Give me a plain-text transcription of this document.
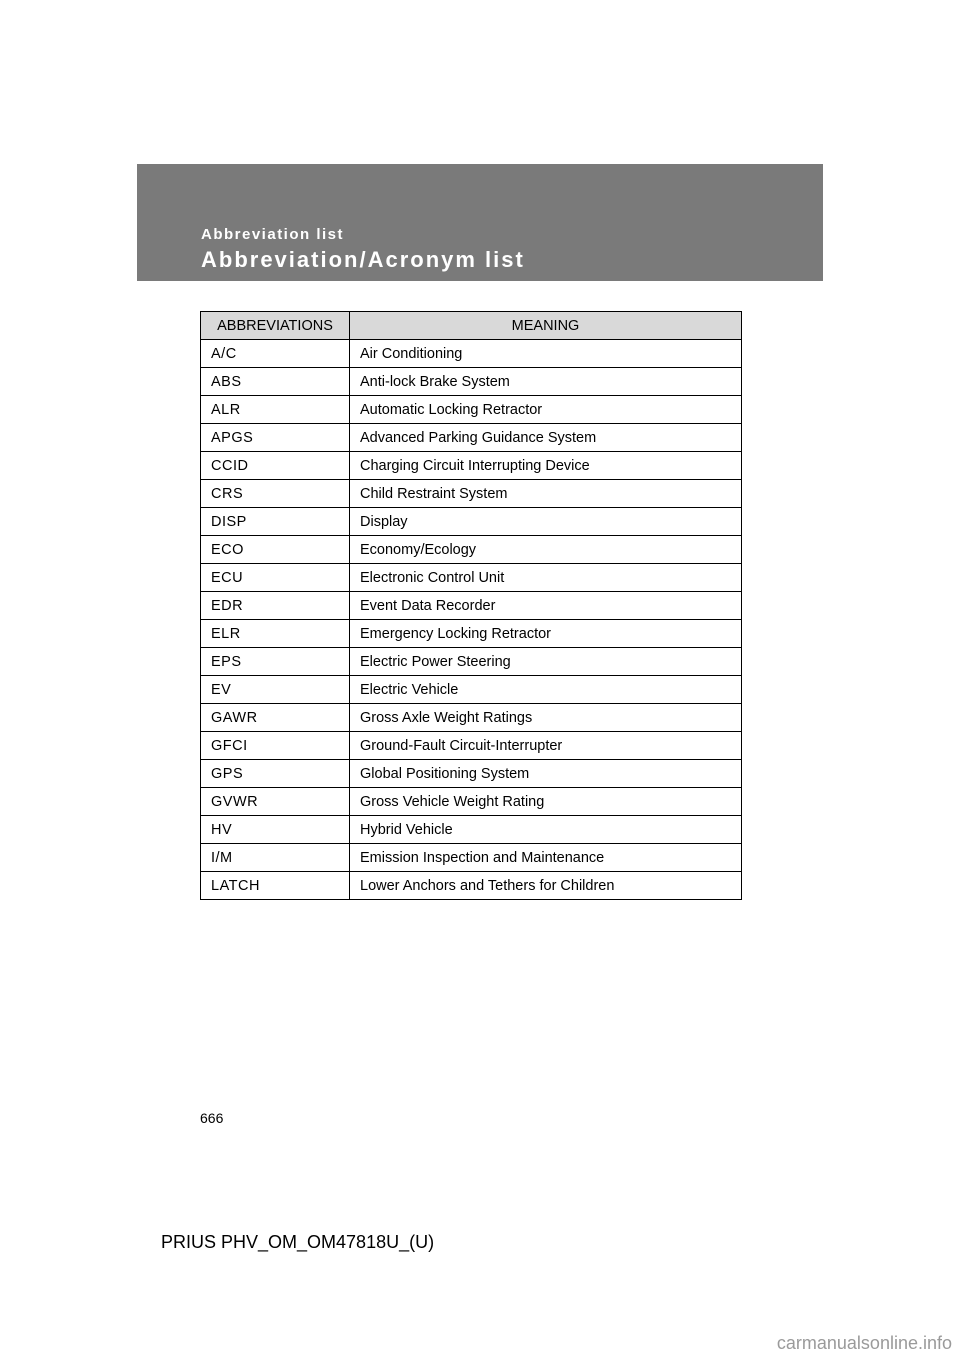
Abbreviation list
Abbreviation/Acronym list
ABBREVIATIONS	MEANING
A/C	Air Conditioning
ABS	Anti-lock Brake System
ALR	Automatic Locking Retractor
APGS	Advanced Parking Guidance System
CCID	Charging Circuit Interrupting Device
CRS	Child Restraint System
DISP	Display
ECO	Economy/Ecology
ECU	Electronic Control Unit
EDR	Event Data Recorder
ELR	Emergency Locking Retractor
EPS	Electric Power Steering
EV	Electric Vehicle
GAWR	Gross Axle Weight Ratings
GFCI	Ground-Fault Circuit-Interrupter
GPS	Global Positioning System
GVWR	Gross Vehicle Weight Rating
HV	Hybrid Vehicle
I/M	Emission Inspection and Maintenance
LATCH	Lower Anchors and Tethers for Children
666
PRIUS PHV_OM_OM47818U_(U)
carmanualsonline.info
